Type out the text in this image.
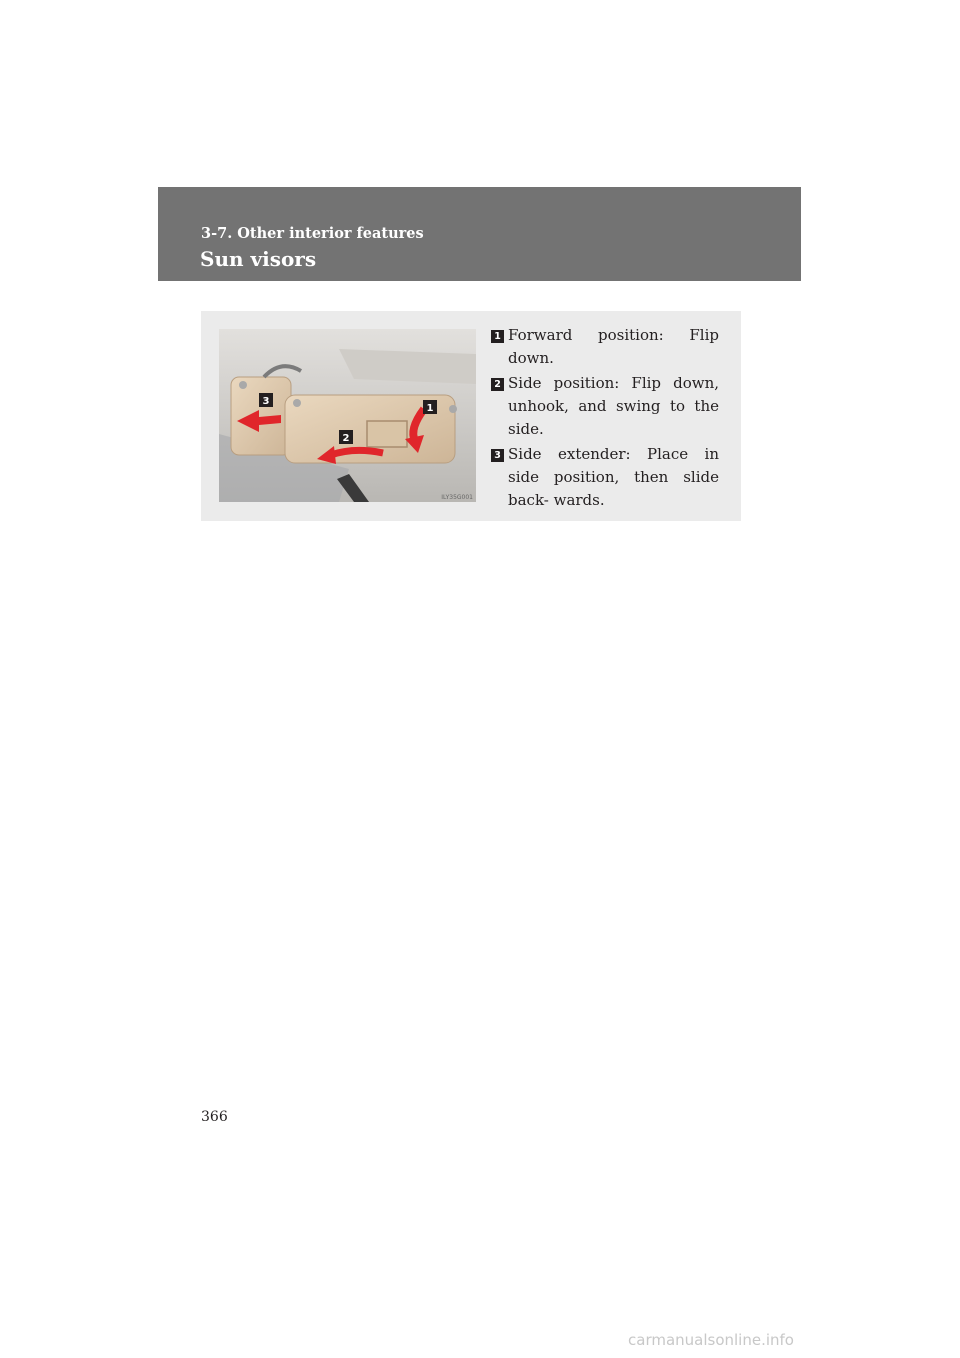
3-7. Other interior features
Sun visors
3
1
2
ILY35G001
1 Forward position: Flip down.
2 Side position: Flip down, unhook, and swing to the side.
3 Side extender: Place in side position, then slide back- wards.
366
carmanualsonline.info
